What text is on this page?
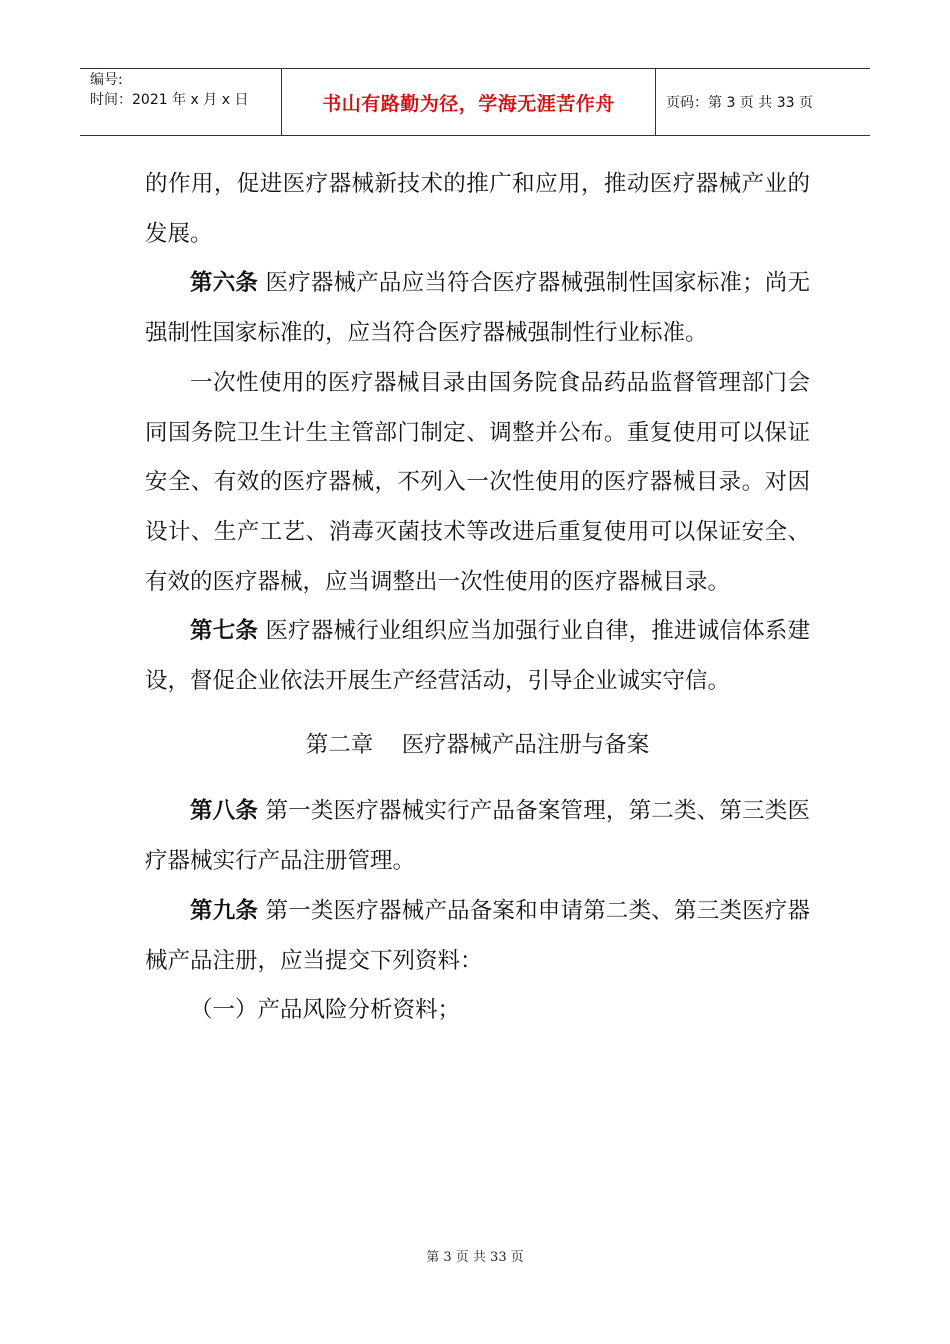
编号:
时间：2021 年 x 月 x 日	书山有路勤为径，学海无涯苦作舟	页码：第 3 页 共 33 页

的作用，促进医疗器械新技术的推广和应用，推动医疗器械产业的发展。

第六条 医疗器械产品应当符合医疗器械强制性国家标准；尚无强制性国家标准的，应当符合医疗器械强制性行业标准。

一次性使用的医疗器械目录由国务院食品药品监督管理部门会同国务院卫生计生主管部门制定、调整并公布。重复使用可以保证安全、有效的医疗器械，不列入一次性使用的医疗器械目录。对因设计、生产工艺、消毒灭菌技术等改进后重复使用可以保证安全、有效的医疗器械，应当调整出一次性使用的医疗器械目录。

第七条 医疗器械行业组织应当加强行业自律，推进诚信体系建设，督促企业依法开展生产经营活动，引导企业诚实守信。

第二章    医疗器械产品注册与备案

第八条 第一类医疗器械实行产品备案管理，第二类、第三类医疗器械实行产品注册管理。

第九条 第一类医疗器械产品备案和申请第二类、第三类医疗器械产品注册，应当提交下列资料：

（一）产品风险分析资料；

第 3 页 共 33 页
